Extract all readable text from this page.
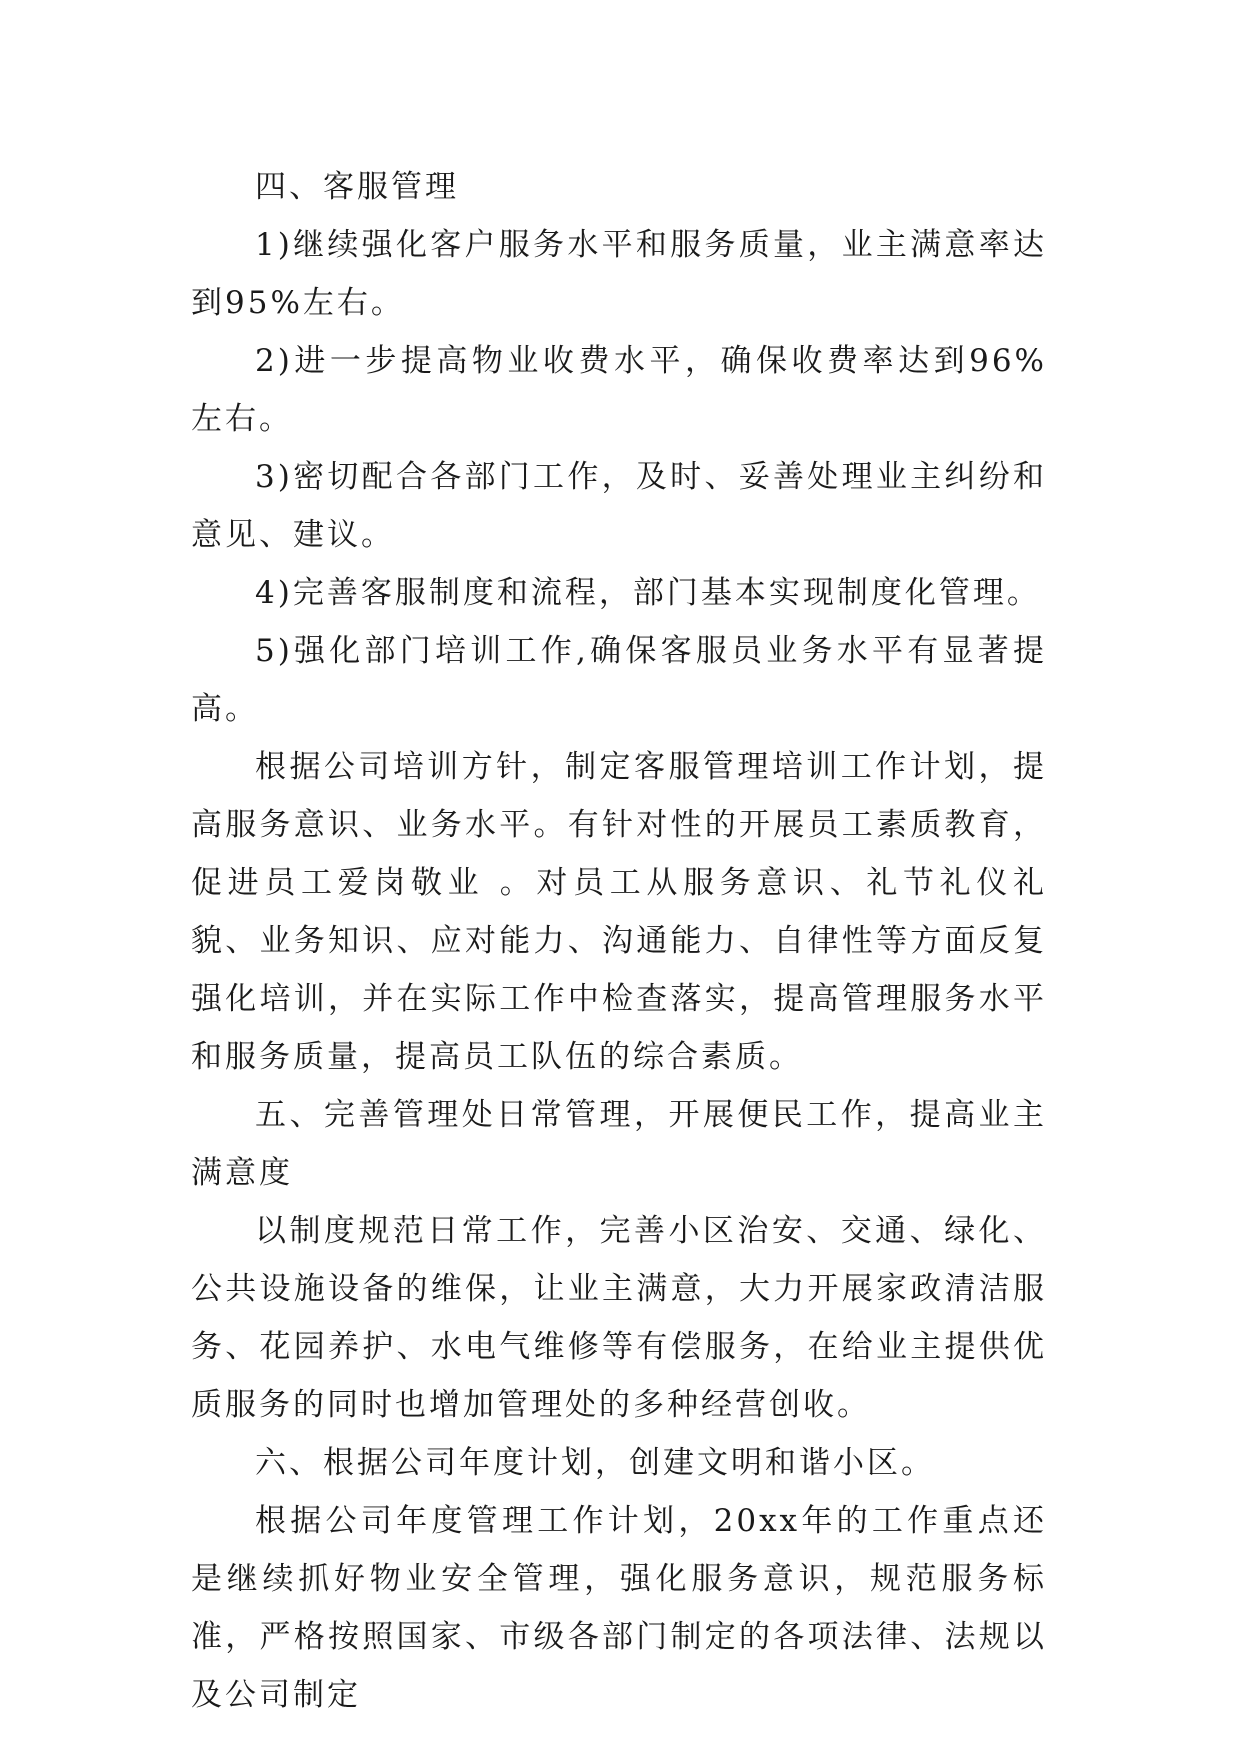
四、客服管理

1)继续强化客户服务水平和服务质量，业主满意率达到95%左右。

2)进一步提高物业收费水平，确保收费率达到96%左右。

3)密切配合各部门工作，及时、妥善处理业主纠纷和意见、建议。

4)完善客服制度和流程，部门基本实现制度化管理。

5)强化部门培训工作,确保客服员业务水平有显著提高。

根据公司培训方针，制定客服管理培训工作计划，提高服务意识、业务水平。有针对性的开展员工素质教育，促进员工爱岗敬业 。对员工从服务意识、礼节礼仪礼貌、业务知识、应对能力、沟通能力、自律性等方面反复强化培训，并在实际工作中检查落实，提高管理服务水平和服务质量，提高员工队伍的综合素质。

五、完善管理处日常管理，开展便民工作，提高业主满意度

以制度规范日常工作，完善小区治安、交通、绿化、公共设施设备的维保，让业主满意，大力开展家政清洁服务、花园养护、水电气维修等有偿服务，在给业主提供优质服务的同时也增加管理处的多种经营创收。

六、根据公司年度计划，创建文明和谐小区。

根据公司年度管理工作计划，20xx年的工作重点还是继续抓好物业安全管理，强化服务意识，规范服务标准，严格按照国家、市级各部门制定的各项法律、法规以及公司制定
